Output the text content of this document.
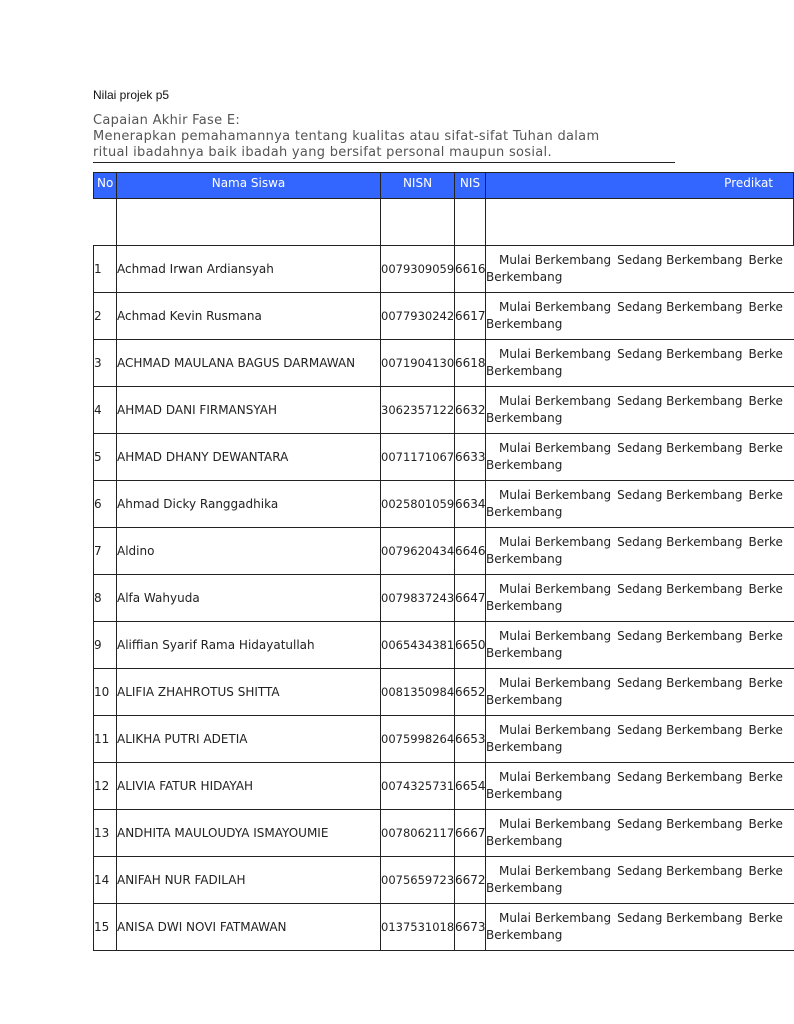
Nilai projek p5
Capaian Akhir Fase E:
Menerapkan pemahamannya tentang kualitas atau sifat-sifat Tuhan dalam
ritual ibadahnya baik ibadah yang bersifat personal maupun sosial.
No	Nama Siswa	NISN	NIS	Predikat

1	Achmad Irwan Ardiansyah	0079309059	6616	Mulai Berkembang Sedang Berkembang Berke
Berkembang

2	Achmad Kevin Rusmana	0077930242	6617	Mulai Berkembang Sedang Berkembang Berke
Berkembang

3	ACHMAD MAULANA BAGUS DARMAWAN	0071904130	6618	Mulai Berkembang Sedang Berkembang Berke
Berkembang

4	AHMAD DANI FIRMANSYAH	3062357122	6632	Mulai Berkembang Sedang Berkembang Berke
Berkembang

5	AHMAD DHANY DEWANTARA	0071171067	6633	Mulai Berkembang Sedang Berkembang Berke
Berkembang

6	Ahmad Dicky Ranggadhika	0025801059	6634	Mulai Berkembang Sedang Berkembang Berke
Berkembang

7	Aldino	0079620434	6646	Mulai Berkembang Sedang Berkembang Berke
Berkembang

8	Alfa Wahyuda	0079837243	6647	Mulai Berkembang Sedang Berkembang Berke
Berkembang

9	Aliffian Syarif Rama Hidayatullah	0065434381	6650	Mulai Berkembang Sedang Berkembang Berke
Berkembang

10	ALIFIA ZHAHROTUS SHITTA	0081350984	6652	Mulai Berkembang Sedang Berkembang Berke
Berkembang

11	ALIKHA PUTRI ADETIA	0075998264	6653	Mulai Berkembang Sedang Berkembang Berke
Berkembang

12	ALIVIA FATUR HIDAYAH	0074325731	6654	Mulai Berkembang Sedang Berkembang Berke
Berkembang

13	ANDHITA MAULOUDYA ISMAYOUMIE	0078062117	6667	Mulai Berkembang Sedang Berkembang Berke
Berkembang

14	ANIFAH NUR FADILAH	0075659723	6672	Mulai Berkembang Sedang Berkembang Berke
Berkembang

15	ANISA DWI NOVI FATMAWAN	0137531018	6673	Mulai Berkembang Sedang Berkembang Berke
Berkembang
